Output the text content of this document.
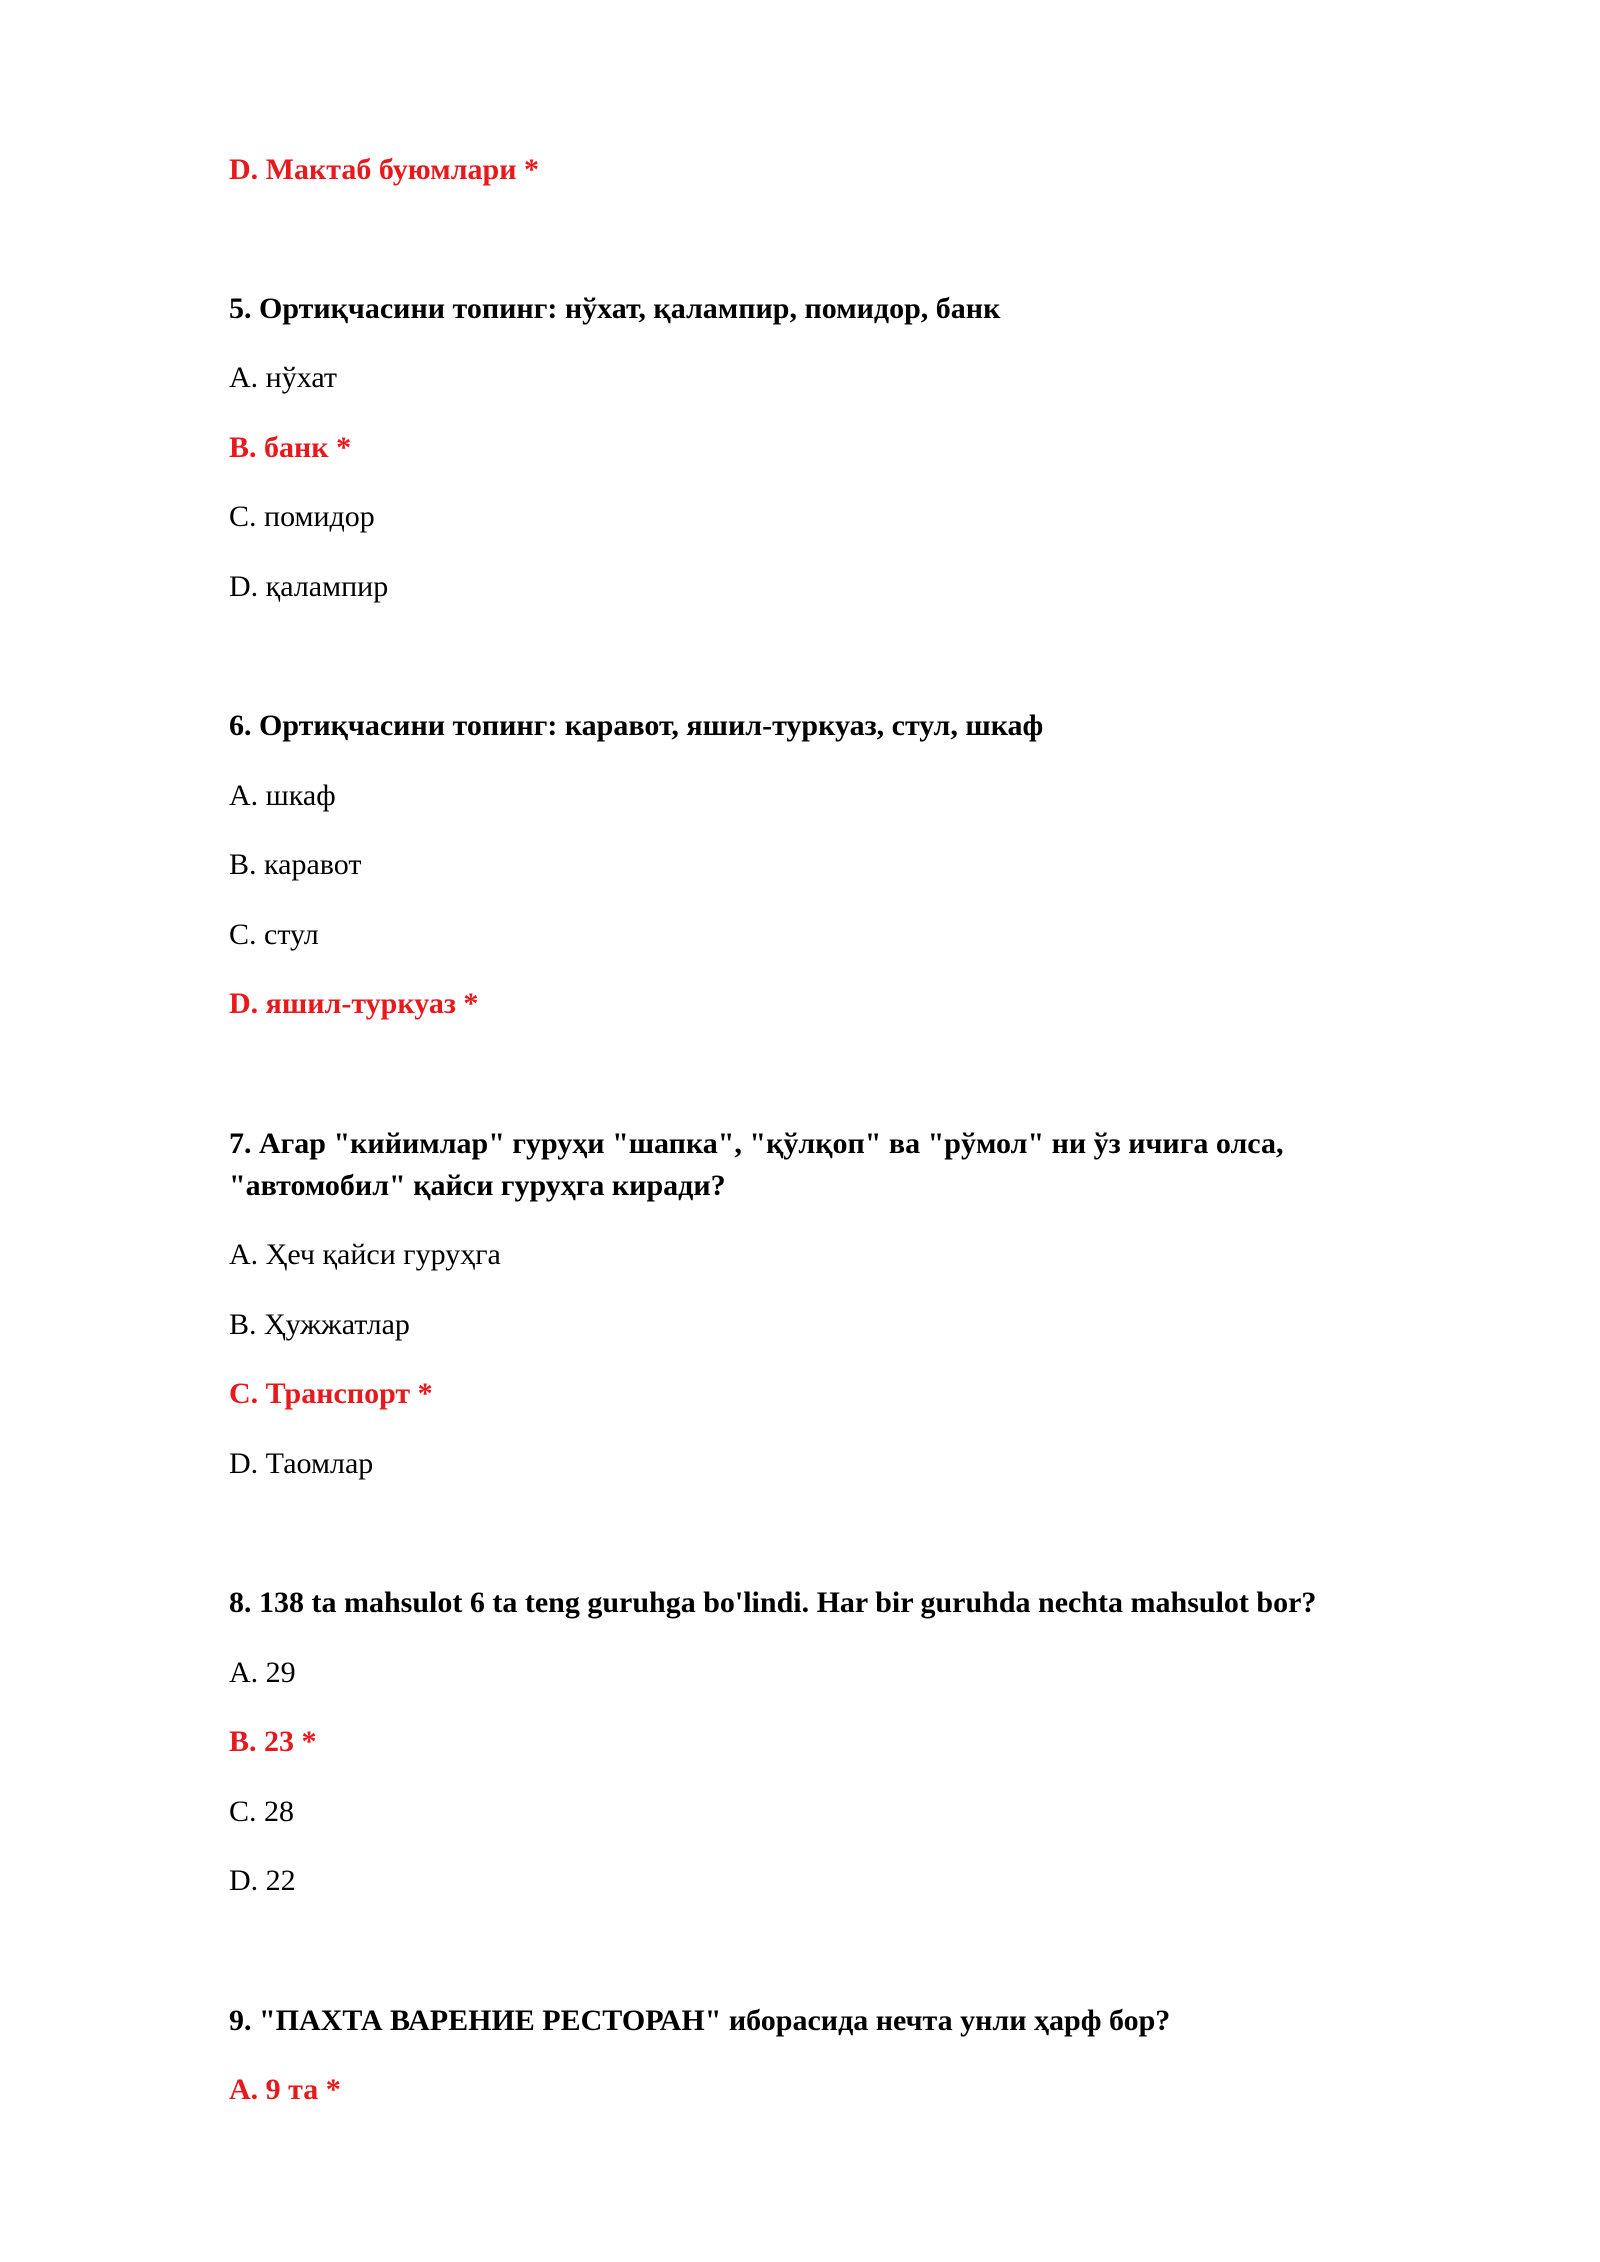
D. Мактаб буюмлари *
5. Ортиқчасини топинг: нўхат, қалампир, помидор, банк
A. нўхат
B. банк *
C. помидор
D. қалампир
6. Ортиқчасини топинг: каравот, яшил-туркуаз, стул, шкаф
A. шкаф
B. каравот
C. стул
D. яшил-туркуаз *
7. Агар "кийимлар" гуруҳи "шапка", "қўлқоп" ва "рўмол" ни ўз ичига олса,
"автомобил" қайси гуруҳга киради?
A. Ҳеч қайси гуруҳга
B. Ҳужжатлар
C. Транспорт *
D. Таомлар
8. 138 ta mahsulot 6 ta teng guruhga bo'lindi. Har bir guruhda nechta mahsulot bor?
A. 29
B. 23 *
C. 28
D. 22
9. "ПАХТА ВАРЕНИЕ РЕСТОРАН" иборасида нечта унли ҳарф бор?
A. 9 та *
